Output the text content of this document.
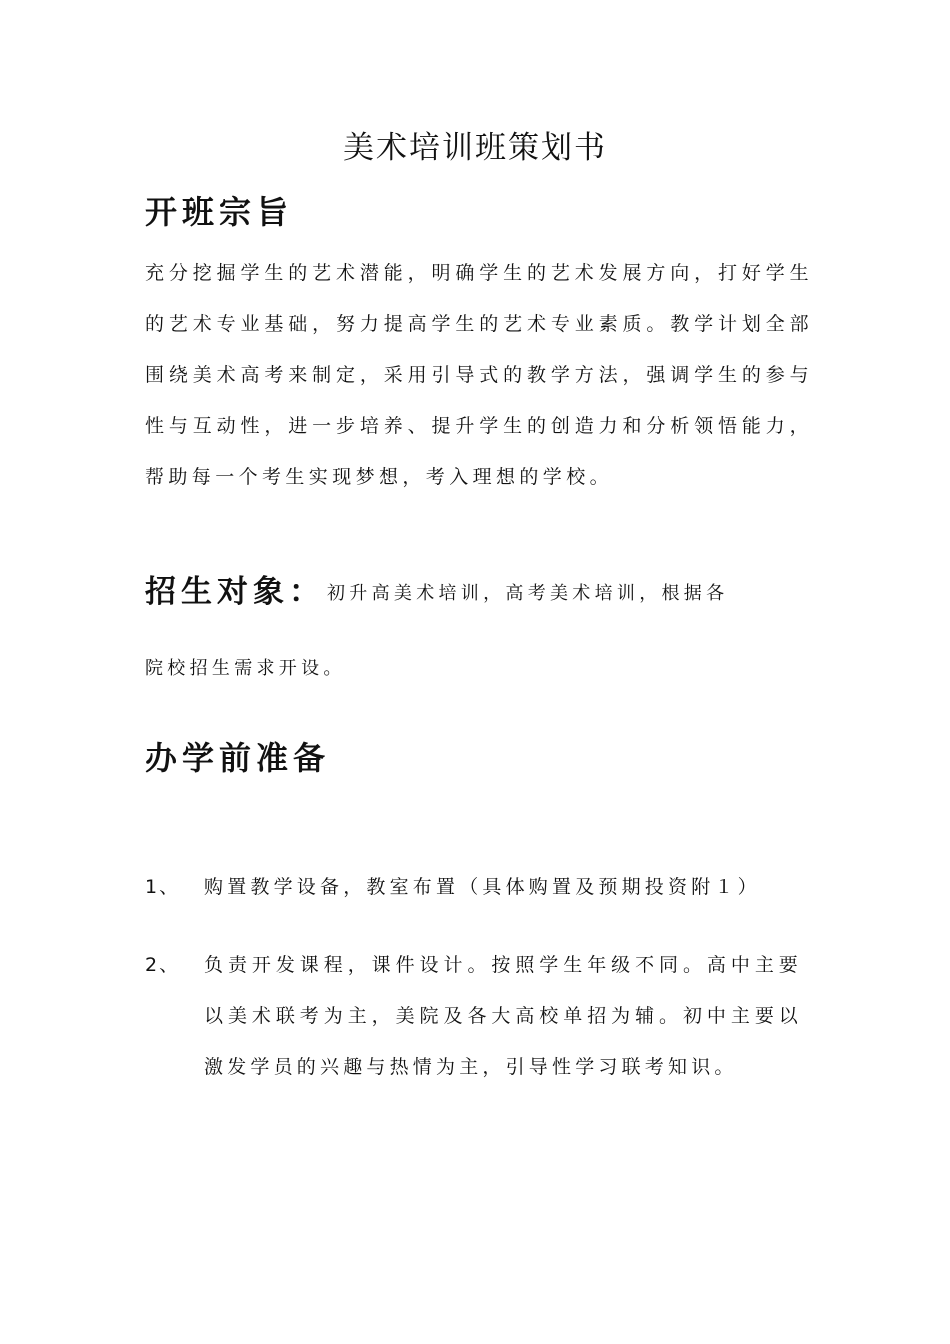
美术培训班策划书
开班宗旨

充分挖掘学生的艺术潜能，明确学生的艺术发展方向，打好学生的艺术专业基础，努力提高学生的艺术专业素质。教学计划全部围绕美术高考来制定，采用引导式的教学方法，强调学生的参与性与互动性，进一步培养、提升学生的创造力和分析领悟能力，帮助每一个考生实现梦想，考入理想的学校。

招生对象： 初升高美术培训，高考美术培训，根据各
院校招生需求开设。
办学前准备
1、 购置教学设备，教室布置（具体购置及预期投资附１）

2、 负责开发课程，课件设计。按照学生年级不同。高中主要以美术联考为主，美院及各大高校单招为辅。初中主要以激发学员的兴趣与热情为主，引导性学习联考知识。
